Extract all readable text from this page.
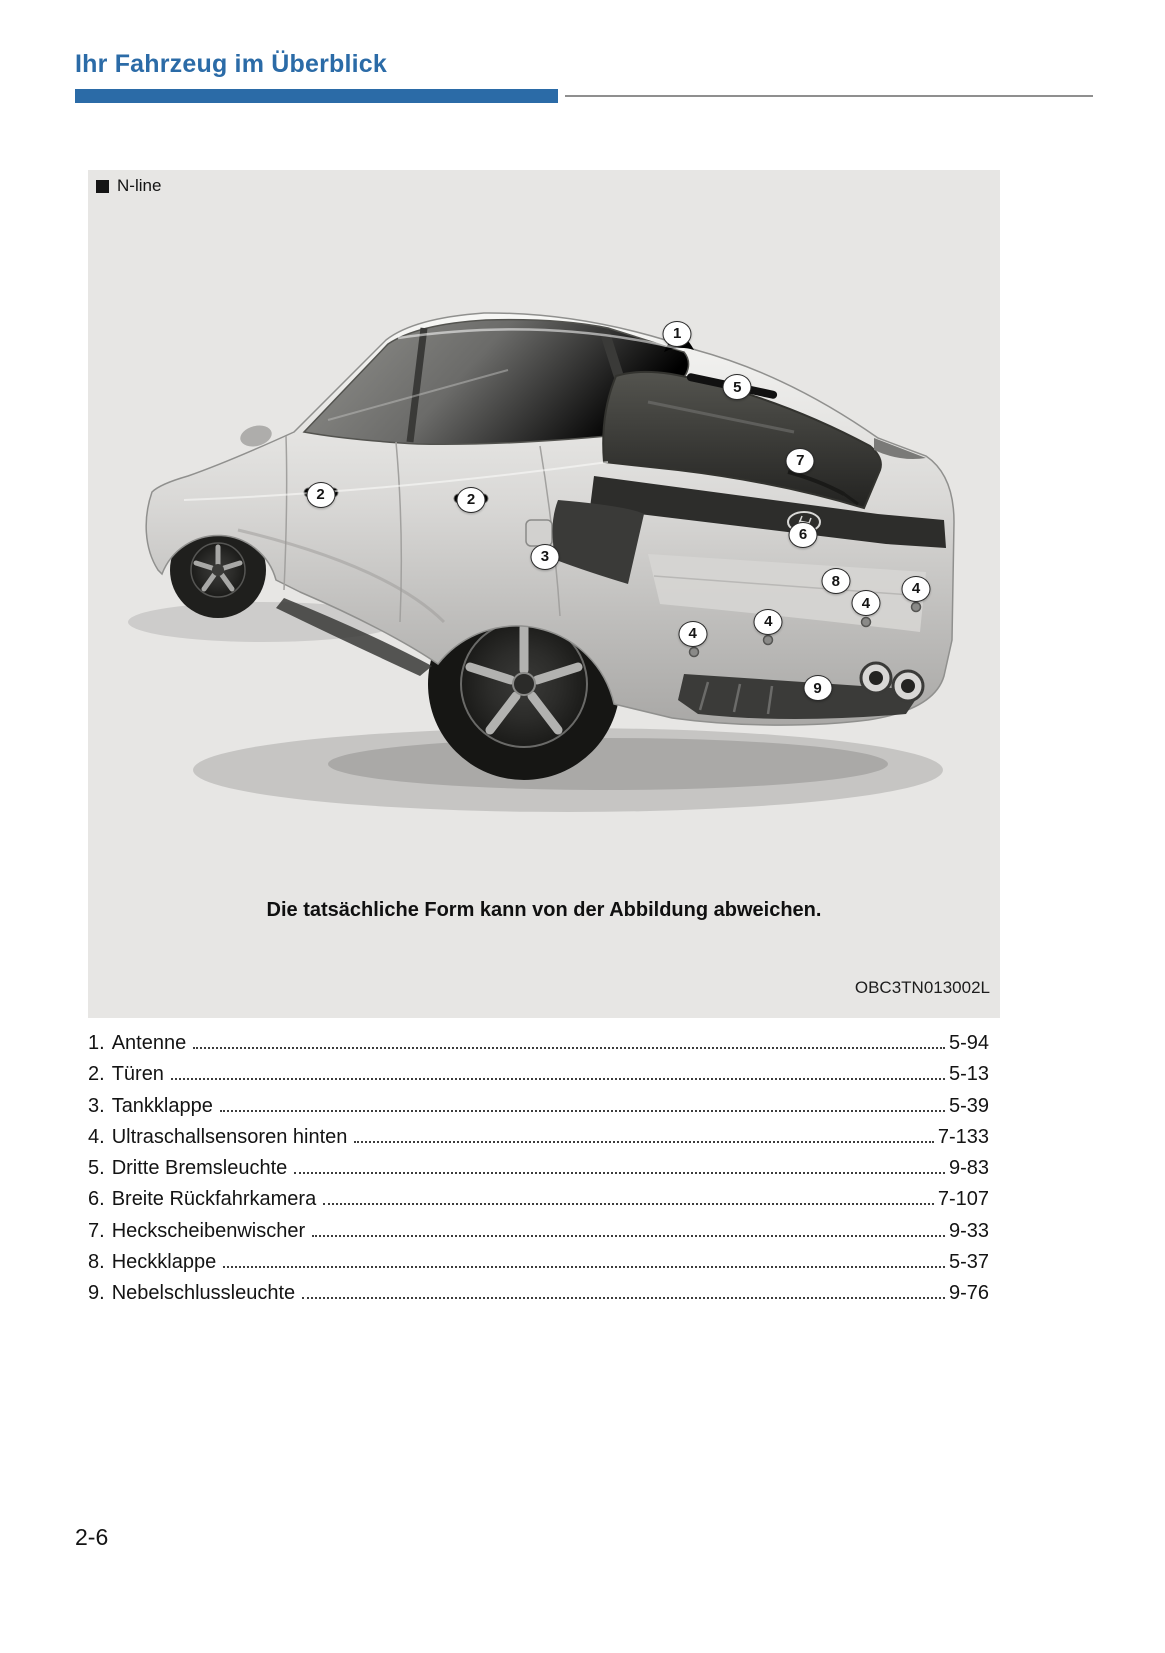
Ihr Fahrzeug im Überblick
N-line
1
5
7
2	2
6
3
8	4
4
4
4
9
Die tatsächliche Form kann von der Abbildung abweichen.
OBC3TN013002L
1. Antenne	5-94
2. Türen	5-13
3. Tankklappe	5-39
4. Ultraschallsensoren hinten	7-133
5. Dritte Bremsleuchte	9-83
6. Breite Rückfahrkamera	7-107
7. Heckscheibenwischer	9-33
8. Heckklappe	5-37
9. Nebelschlussleuchte	9-76
2-6
